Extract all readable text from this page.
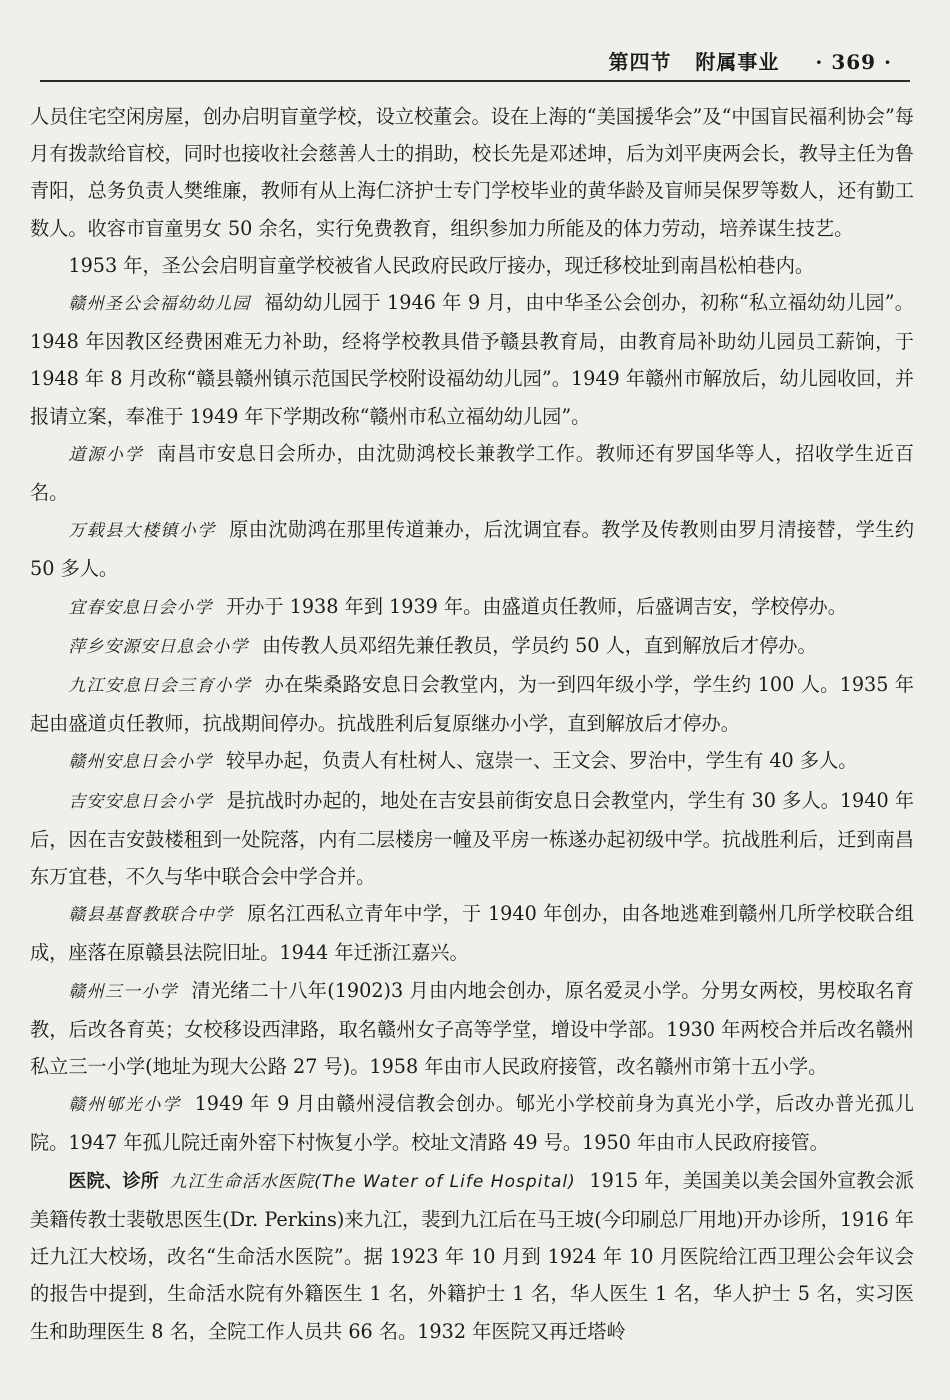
第四节 附属事业 · 369 ·

人员住宅空闲房屋，创办启明盲童学校，设立校董会。设在上海的“美国援华会”及“中国盲民福利协会”每月有拨款给盲校，同时也接收社会慈善人士的捐助，校长先是邓述坤，后为刘平庚两会长，教导主任为鲁青阳，总务负责人樊维廉，教师有从上海仁济护士专门学校毕业的黄华龄及盲师吴保罗等数人，还有勤工数人。收容市盲童男女 50 余名，实行免费教育，组织参加力所能及的体力劳动，培养谋生技艺。

1953 年，圣公会启明盲童学校被省人民政府民政厅接办，现迁移校址到南昌松柏巷内。

赣州圣公会福幼幼儿园 福幼幼儿园于 1946 年 9 月，由中华圣公会创办，初称“私立福幼幼儿园”。1948 年因教区经费困难无力补助，经将学校教具借予赣县教育局，由教育局补助幼儿园员工薪饷，于 1948 年 8 月改称“赣县赣州镇示范国民学校附设福幼幼儿园”。1949 年赣州市解放后，幼儿园收回，并报请立案，奉准于 1949 年下学期改称“赣州市私立福幼幼儿园”。

道源小学 南昌市安息日会所办，由沈勋鸿校长兼教学工作。教师还有罗国华等人，招收学生近百名。

万载县大楼镇小学 原由沈勋鸿在那里传道兼办，后沈调宜春。教学及传教则由罗月清接替，学生约 50 多人。

宜春安息日会小学 开办于 1938 年到 1939 年。由盛道贞任教师，后盛调吉安，学校停办。

萍乡安源安日息会小学 由传教人员邓绍先兼任教员，学员约 50 人，直到解放后才停办。

九江安息日会三育小学 办在柴桑路安息日会教堂内，为一到四年级小学，学生约 100 人。1935 年起由盛道贞任教师，抗战期间停办。抗战胜利后复原继办小学，直到解放后才停办。

赣州安息日会小学 较早办起，负责人有杜树人、寇崇一、王文会、罗治中，学生有 40 多人。

吉安安息日会小学 是抗战时办起的，地处在吉安县前街安息日会教堂内，学生有 30 多人。1940 年后，因在吉安鼓楼租到一处院落，内有二层楼房一幢及平房一栋遂办起初级中学。抗战胜利后，迁到南昌东万宜巷，不久与华中联合会中学合并。

赣县基督教联合中学 原名江西私立青年中学，于 1940 年创办，由各地逃难到赣州几所学校联合组成，座落在原赣县法院旧址。1944 年迁浙江嘉兴。

赣州三一小学 清光绪二十八年(1902)3 月由内地会创办，原名爱灵小学。分男女两校，男校取名育教，后改各育英；女校移设西津路，取名赣州女子高等学堂，增设中学部。1930 年两校合并后改名赣州私立三一小学(地址为现大公路 27 号)。1958 年由市人民政府接管，改名赣州市第十五小学。

赣州郇光小学 1949 年 9 月由赣州浸信教会创办。郇光小学校前身为真光小学，后改办普光孤儿院。1947 年孤儿院迁南外窑下村恢复小学。校址文清路 49 号。1950 年由市人民政府接管。

医院、诊所 九江生命活水医院(The Water of Life Hospital) 1915 年，美国美以美会国外宣教会派美籍传教士裴敬思医生(Dr. Perkins)来九江，裴到九江后在马王坡(今印刷总厂用地)开办诊所，1916 年迁九江大校场，改名“生命活水医院”。据 1923 年 10 月到 1924 年 10 月医院给江西卫理公会年议会的报告中提到，生命活水院有外籍医生 1 名，外籍护士 1 名，华人医生 1 名，华人护士 5 名，实习医生和助理医生 8 名，全院工作人员共 66 名。1932 年医院又再迁塔岭
